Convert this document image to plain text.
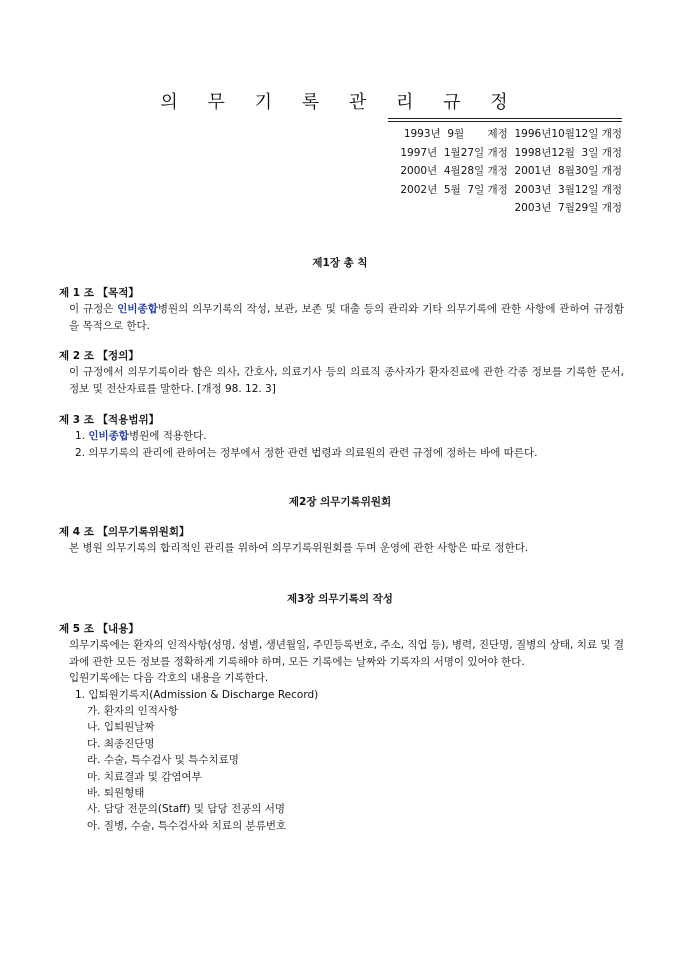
의 무 기 록 관 리 규 정
1993년  9월       제정  1996년10월12일 개정
1997년  1월27일 개정  1998년12월  3일 개정
2000년  4월28일 개정  2001년  8월30일 개정
2002년  5월  7일 개정  2003년  3월12일 개정
2003년  7월29일 개정
제1장 총 칙
제 1 조 【목적】
이 규정은 인비종합병원의 의무기록의 작성, 보관, 보존 및 대출 등의 관리와 기타 의무기록에 관한 사항에 관하여 규정함을 목적으로 한다.
제 2 조 【정의】
이 규정에서 의무기록이라 함은 의사, 간호사, 의료기사 등의 의료직 종사자가 환자진료에 관한 각종 정보를 기록한 문서, 정보 및 전산자료를 말한다. [개정 98. 12. 3]
제 3 조 【적용범위】
1. 인비종합병원에 적용한다.
2. 의무기록의 관리에 관하여는 정부에서 정한 관련 법령과 의료원의 관련 규정에 정하는 바에 따른다.
제2장 의무기록위원회
제 4 조 【의무기록위원회】
본 병원 의무기록의 합리적인 관리를 위하여 의무기록위원회를 두며 운영에 관한 사항은 따로 정한다.
제3장 의무기록의 작성
제 5 조 【내용】
의무기록에는 환자의 인적사항(성명, 성별, 생년월일, 주민등록번호, 주소, 직업 등), 병력, 진단명, 질병의 상태, 치료 및 결과에 관한 모든 정보를 정확하게 기록해야 하며, 모든 기록에는 날짜와 기록자의 서명이 있어야 한다.
입원기록에는 다음 각호의 내용을 기록한다.
1. 입퇴원기록지(Admission & Discharge Record)
가. 환자의 인적사항
나. 입퇴원날짜
다. 최종진단명
라. 수술, 특수검사 및 특수치료명
마. 치료결과 및 감염여부
바. 퇴원형태
사. 담당 전문의(Staff) 및 담당 전공의 서명
아. 질병, 수술, 특수검사와 치료의 분류번호
